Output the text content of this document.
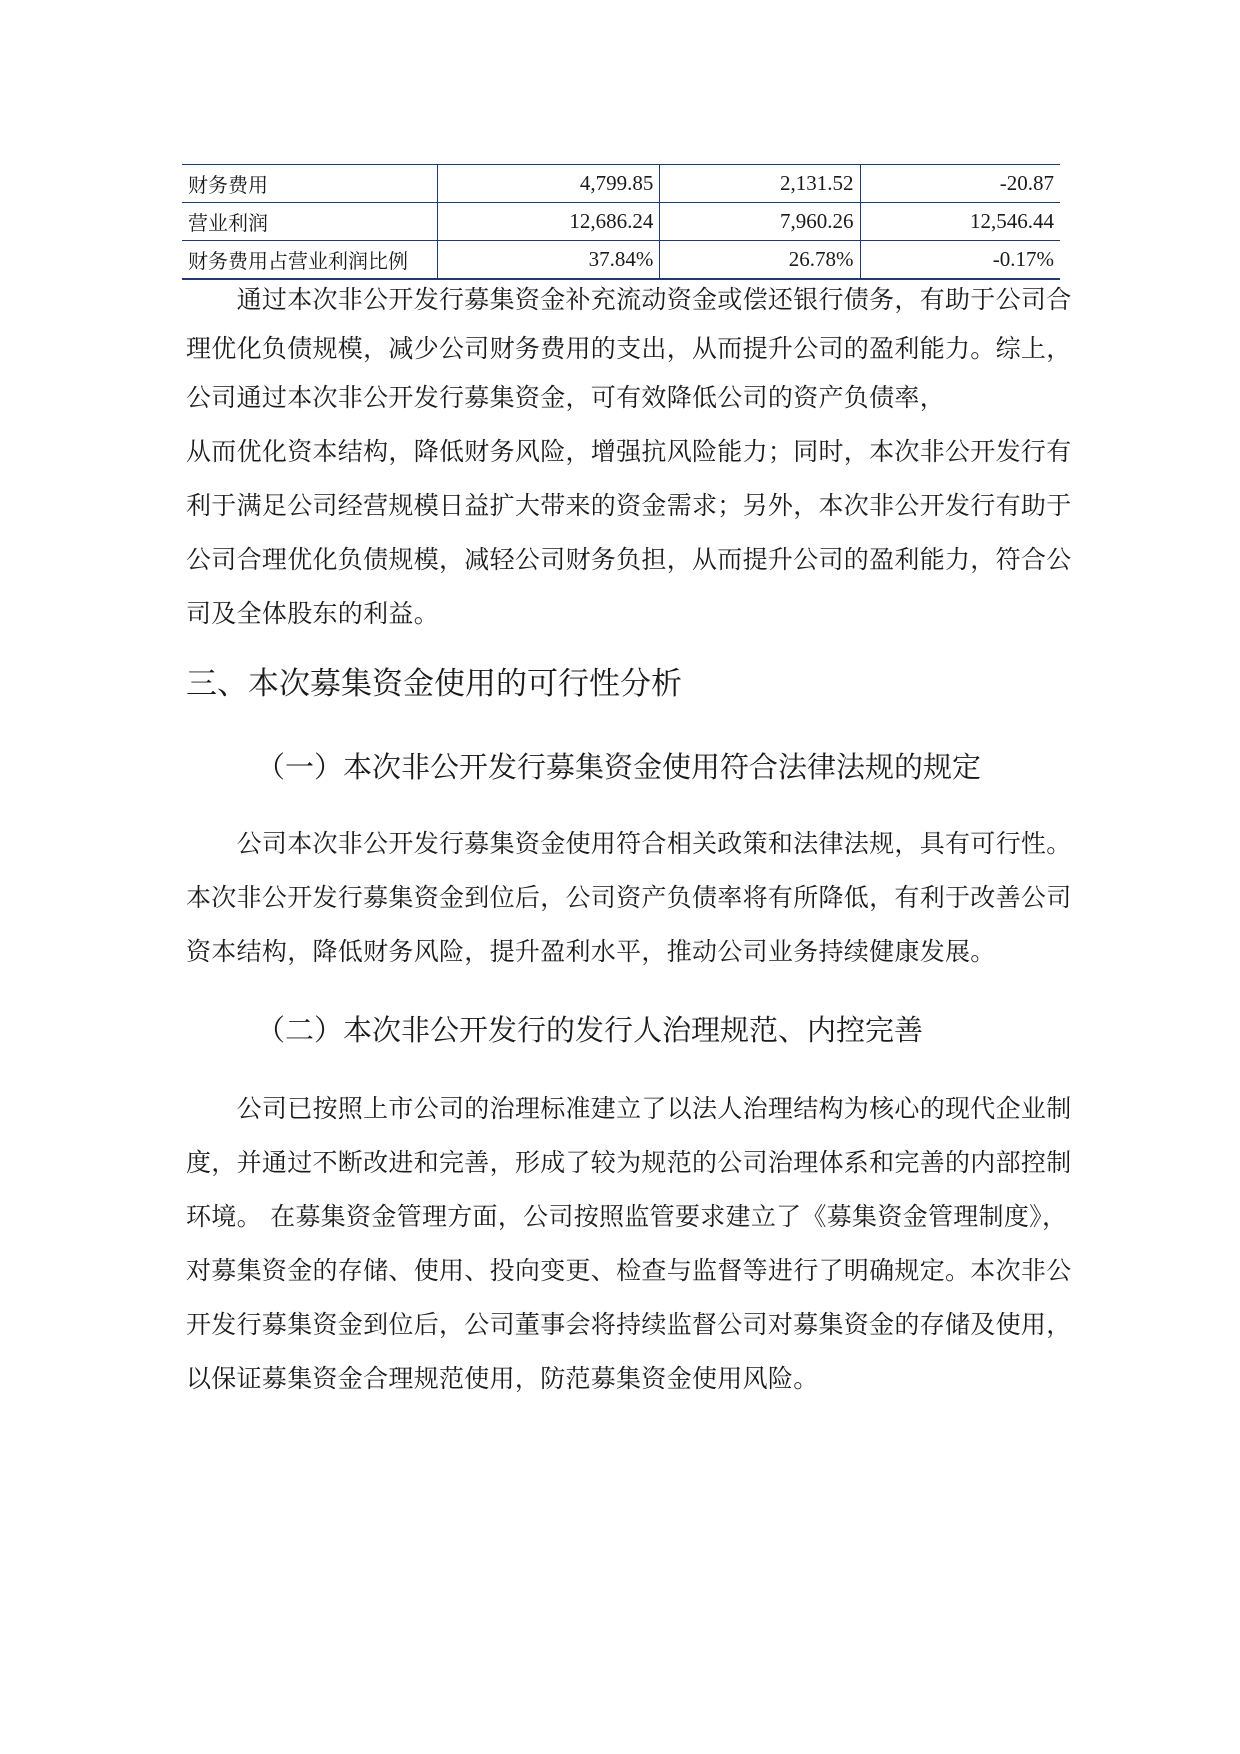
财务费用	4,799.85	2,131.52	-20.87
营业利润	12,686.24	7,960.26	12,546.44
财务费用占营业利润比例	37.84%	26.78%	-0.17%
　　通过本次非公开发行募集资金补充流动资金或偿还银行债务，有助于公司合
理优化负债规模，减少公司财务费用的支出，从而提升公司的盈利能力。综上，
公司通过本次非公开发行募集资金，可有效降低公司的资产负债率，
从而优化资本结构，降低财务风险，增强抗风险能力；同时，本次非公开发行有
利于满足公司经营规模日益扩大带来的资金需求；另外，本次非公开发行有助于
公司合理优化负债规模，减轻公司财务负担，从而提升公司的盈利能力，符合公
司及全体股东的利益。
三、本次募集资金使用的可行性分析
（一）本次非公开发行募集资金使用符合法律法规的规定
　　公司本次非公开发行募集资金使用符合相关政策和法律法规，具有可行性。
本次非公开发行募集资金到位后，公司资产负债率将有所降低，有利于改善公司
资本结构，降低财务风险，提升盈利水平，推动公司业务持续健康发展。
（二）本次非公开发行的发行人治理规范、内控完善
　　公司已按照上市公司的治理标准建立了以法人治理结构为核心的现代企业制
度，并通过不断改进和完善，形成了较为规范的公司治理体系和完善的内部控制
环境。 在募集资金管理方面，公司按照监管要求建立了《募集资金管理制度》，
对募集资金的存储、使用、投向变更、检查与监督等进行了明确规定。本次非公
开发行募集资金到位后，公司董事会将持续监督公司对募集资金的存储及使用，
以保证募集资金合理规范使用，防范募集资金使用风险。
